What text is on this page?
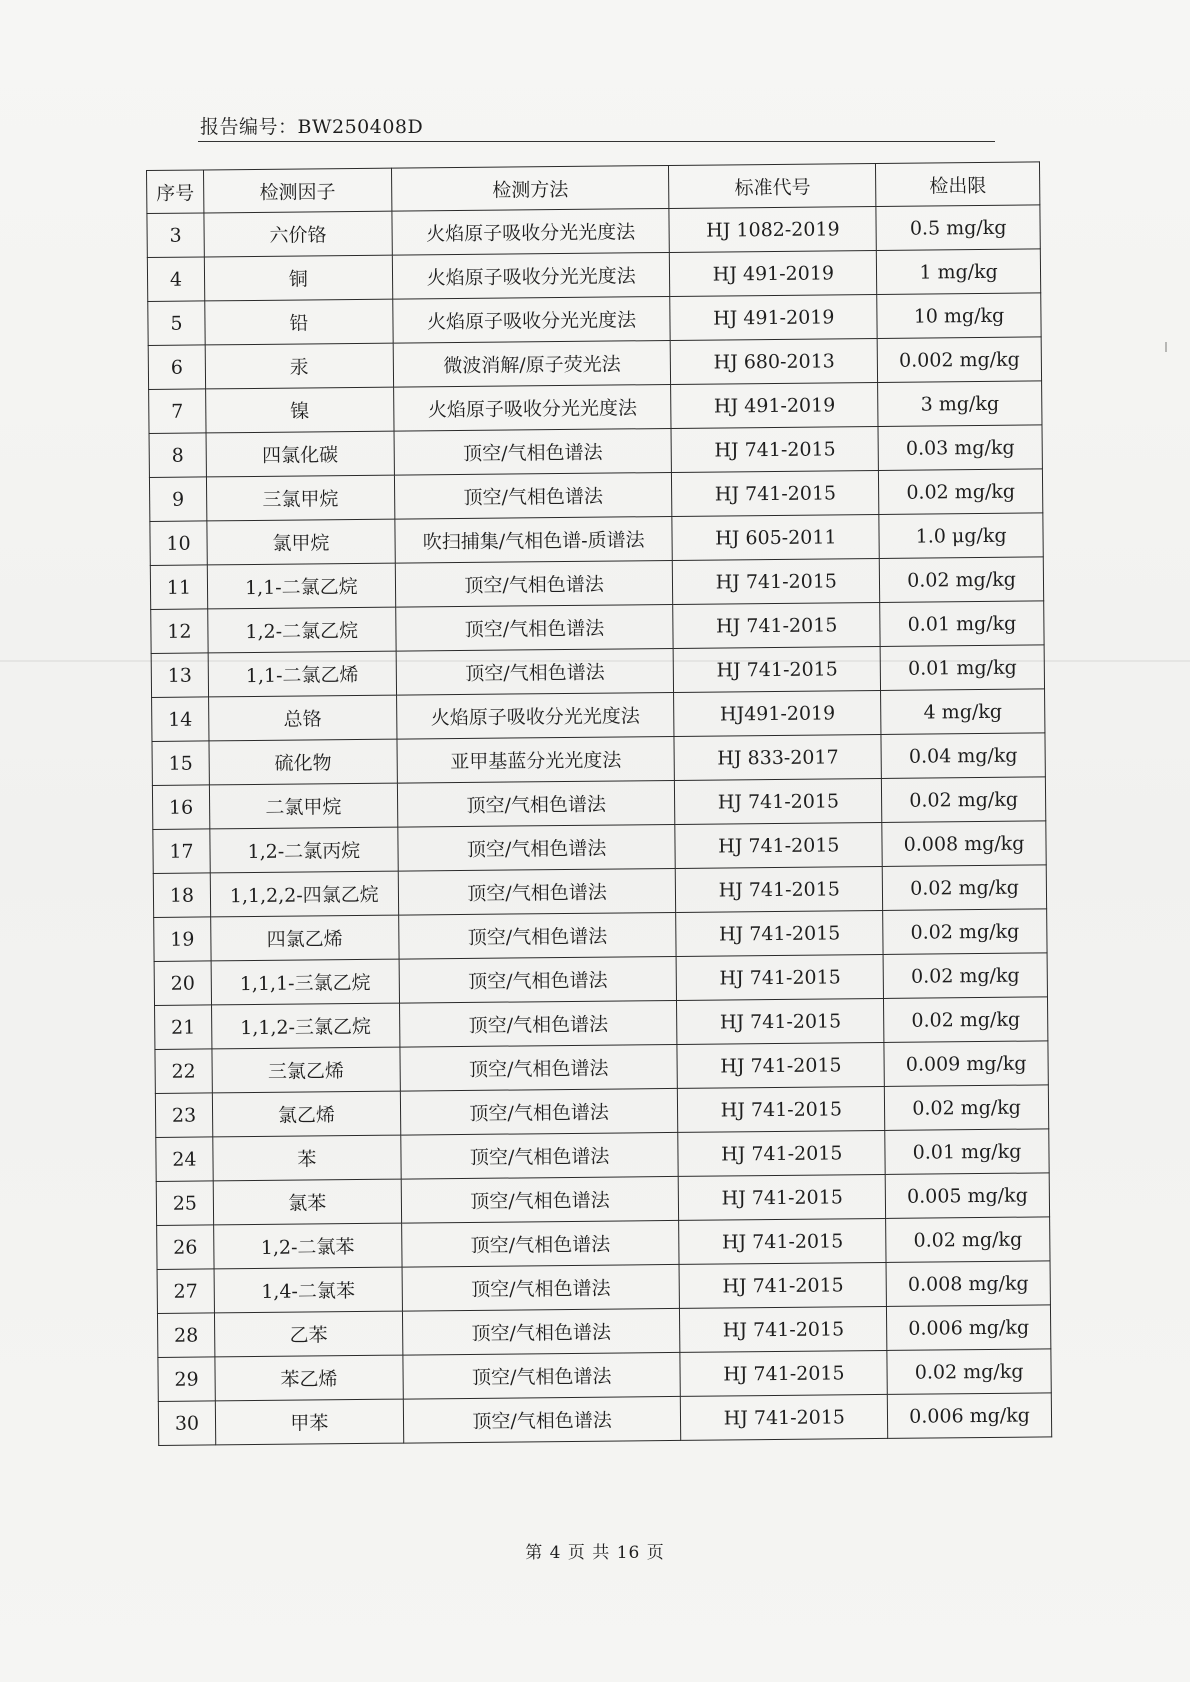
报告编号：BW250408D
序号	检测因子	检测方法	标准代号	检出限
3	六价铬	火焰原子吸收分光光度法	HJ 1082-2019	0.5 mg/kg
4	铜	火焰原子吸收分光光度法	HJ 491-2019	1 mg/kg
5	铅	火焰原子吸收分光光度法	HJ 491-2019	10 mg/kg
6	汞	微波消解/原子荧光法	HJ 680-2013	0.002 mg/kg
7	镍	火焰原子吸收分光光度法	HJ 491-2019	3 mg/kg
8	四氯化碳	顶空/气相色谱法	HJ 741-2015	0.03 mg/kg
9	三氯甲烷	顶空/气相色谱法	HJ 741-2015	0.02 mg/kg
10	氯甲烷	吹扫捕集/气相色谱-质谱法	HJ 605-2011	1.0 μg/kg
11	1,1-二氯乙烷	顶空/气相色谱法	HJ 741-2015	0.02 mg/kg
12	1,2-二氯乙烷	顶空/气相色谱法	HJ 741-2015	0.01 mg/kg
13	1,1-二氯乙烯	顶空/气相色谱法	HJ 741-2015	0.01 mg/kg
14	总铬	火焰原子吸收分光光度法	HJ491-2019	4 mg/kg
15	硫化物	亚甲基蓝分光光度法	HJ 833-2017	0.04 mg/kg
16	二氯甲烷	顶空/气相色谱法	HJ 741-2015	0.02 mg/kg
17	1,2-二氯丙烷	顶空/气相色谱法	HJ 741-2015	0.008 mg/kg
18	1,1,2,2-四氯乙烷	顶空/气相色谱法	HJ 741-2015	0.02 mg/kg
19	四氯乙烯	顶空/气相色谱法	HJ 741-2015	0.02 mg/kg
20	1,1,1-三氯乙烷	顶空/气相色谱法	HJ 741-2015	0.02 mg/kg
21	1,1,2-三氯乙烷	顶空/气相色谱法	HJ 741-2015	0.02 mg/kg
22	三氯乙烯	顶空/气相色谱法	HJ 741-2015	0.009 mg/kg
23	氯乙烯	顶空/气相色谱法	HJ 741-2015	0.02 mg/kg
24	苯	顶空/气相色谱法	HJ 741-2015	0.01 mg/kg
25	氯苯	顶空/气相色谱法	HJ 741-2015	0.005 mg/kg
26	1,2-二氯苯	顶空/气相色谱法	HJ 741-2015	0.02 mg/kg
27	1,4-二氯苯	顶空/气相色谱法	HJ 741-2015	0.008 mg/kg
28	乙苯	顶空/气相色谱法	HJ 741-2015	0.006 mg/kg
29	苯乙烯	顶空/气相色谱法	HJ 741-2015	0.02 mg/kg
30	甲苯	顶空/气相色谱法	HJ 741-2015	0.006 mg/kg
第 4 页 共 16 页
